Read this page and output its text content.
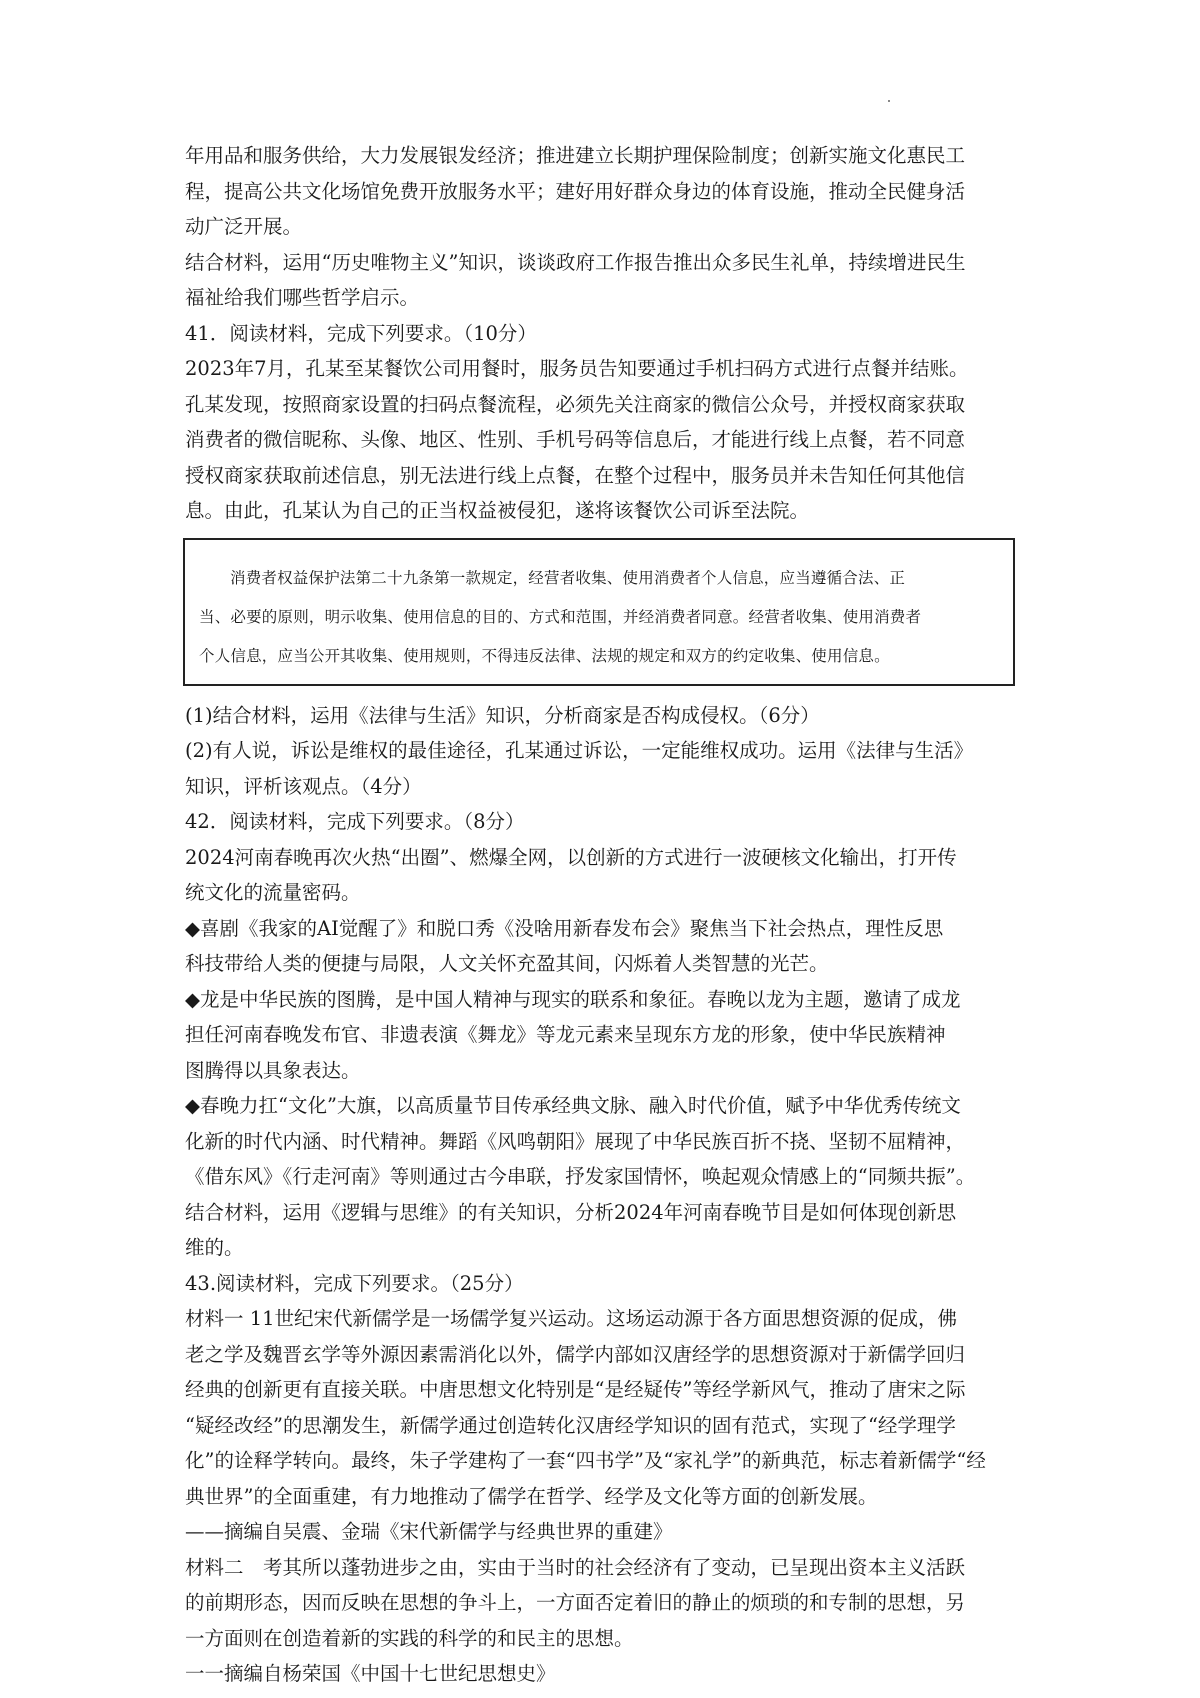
年用品和服务供给，大力发展银发经济；推进建立长期护理保险制度；创新实施文化惠民工
程，提高公共文化场馆免费开放服务水平；建好用好群众身边的体育设施，推动全民健身活
动广泛开展。
结合材料，运用“历史唯物主义”知识，谈谈政府工作报告推出众多民生礼单，持续增进民生
福祉给我们哪些哲学启示。
41．阅读材料，完成下列要求。（10分）
2023年7月，孔某至某餐饮公司用餐时，服务员告知要通过手机扫码方式进行点餐并结账。
孔某发现，按照商家设置的扫码点餐流程，必须先关注商家的微信公众号，并授权商家获取
消费者的微信昵称、头像、地区、性别、手机号码等信息后，才能进行线上点餐，若不同意
授权商家获取前述信息，别无法进行线上点餐，在整个过程中，服务员并未告知任何其他信
息。由此，孔某认为自己的正当权益被侵犯，遂将该餐饮公司诉至法院。
消费者权益保护法第二十九条第一款规定，经营者收集、使用消费者个人信息，应当遵循合法、正
当、必要的原则，明示收集、使用信息的目的、方式和范围，并经消费者同意。经营者收集、使用消费者
个人信息，应当公开其收集、使用规则，不得违反法律、法规的规定和双方的约定收集、使用信息。
(1)结合材料，运用《法律与生活》知识，分析商家是否构成侵权。（6分）
(2)有人说，诉讼是维权的最佳途径，孔某通过诉讼，一定能维权成功。运用《法律与生活》
知识，评析该观点。（4分）
42．阅读材料，完成下列要求。（8分）
2024河南春晚再次火热“出圈”、燃爆全网，以创新的方式进行一波硬核文化输出，打开传
统文化的流量密码。
◆喜剧《我家的AI觉醒了》和脱口秀《没啥用新春发布会》聚焦当下社会热点，理性反思
科技带给人类的便捷与局限，人文关怀充盈其间，闪烁着人类智慧的光芒。
◆龙是中华民族的图腾，是中国人精神与现实的联系和象征。春晚以龙为主题，邀请了成龙
担任河南春晚发布官、非遗表演《舞龙》等龙元素来呈现东方龙的形象，使中华民族精神
图腾得以具象表达。
◆春晚力扛“文化”大旗，以高质量节目传承经典文脉、融入时代价值，赋予中华优秀传统文
化新的时代内涵、时代精神。舞蹈《风鸣朝阳》展现了中华民族百折不挠、坚韧不屈精神，
《借东风》《行走河南》等则通过古今串联，抒发家国情怀，唤起观众情感上的“同频共振”。
结合材料，运用《逻辑与思维》的有关知识，分析2024年河南春晚节目是如何体现创新思
维的。
43.阅读材料，完成下列要求。（25分）
材料一 11世纪宋代新儒学是一场儒学复兴运动。这场运动源于各方面思想资源的促成，佛
老之学及魏晋玄学等外源因素需消化以外，儒学内部如汉唐经学的思想资源对于新儒学回归
经典的创新更有直接关联。中唐思想文化特别是“是经疑传”等经学新风气，推动了唐宋之际
“疑经改经”的思潮发生，新儒学通过创造转化汉唐经学知识的固有范式，实现了“经学理学
化”的诠释学转向。最终，朱子学建构了一套“四书学”及“家礼学”的新典范，标志着新儒学“经
典世界”的全面重建，有力地推动了儒学在哲学、经学及文化等方面的创新发展。
——摘编自吴震、金瑞《宋代新儒学与经典世界的重建》
材料二　考其所以蓬勃进步之由，实由于当时的社会经济有了变动，已呈现出资本主义活跃
的前期形态，因而反映在思想的争斗上，一方面否定着旧的静止的烦琐的和专制的思想，另
一方面则在创造着新的实践的科学的和民主的思想。
一一摘编自杨荣国《中国十七世纪思想史》
